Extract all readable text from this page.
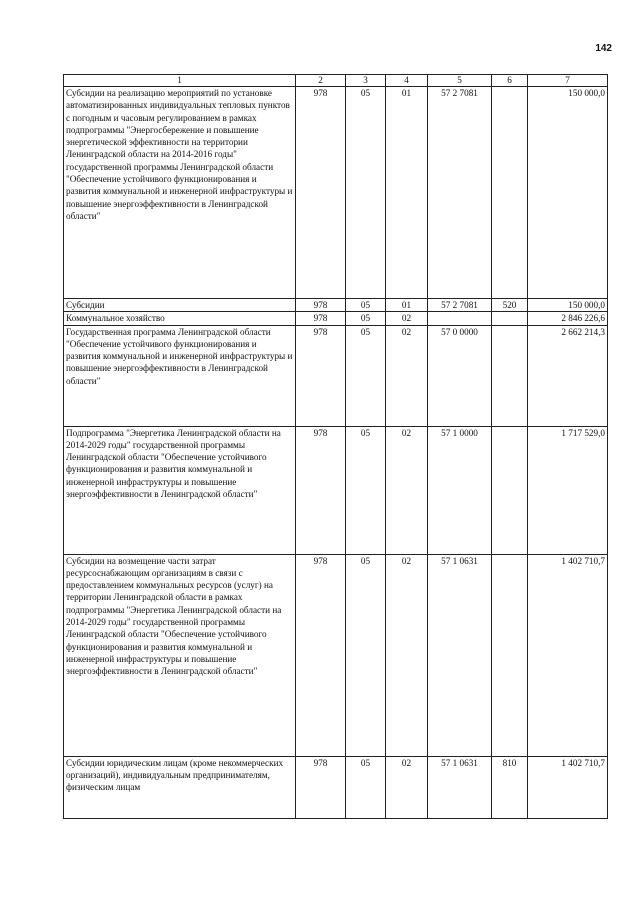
142
1	2	3	4	5	6	7
Субсидии на реализацию мероприятий по установке автоматизированных индивидуальных тепловых пунктов с погодным и часовым регулированием в рамках подпрограммы "Энергосбережение и повышение энергетической эффективности на территории Ленинградской области на 2014-2016 годы" государственной программы Ленинградской области "Обеспечение устойчивого функционирования и развития коммунальной и инженерной инфраструктуры и повышение энергоэффективности в Ленинградской области"	978	05	01	57 2 7081		150 000,0
Субсидии	978	05	01	57 2 7081	520	150 000,0
Коммунальное хозяйство	978	05	02			2 846 226,6
Государственная программа Ленинградской области "Обеспечение устойчивого функционирования и развития коммунальной и инженерной инфраструктуры и повышение энергоэффективности в Ленинградской области"	978	05	02	57 0 0000		2 662 214,3
Подпрограмма "Энергетика Ленинградской области на 2014-2029 годы" государственной программы Ленинградской области "Обеспечение устойчивого функционирования и развития коммунальной и инженерной инфраструктуры и повышение энергоэффективности в Ленинградской области"	978	05	02	57 1 0000		1 717 529,0
Субсидии на возмещение части затрат ресурсоснабжающим организациям в связи с предоставлением коммунальных ресурсов (услуг) на территории Ленинградской области в рамках подпрограммы "Энергетика Ленинградской области на 2014-2029 годы" государственной программы Ленинградской области "Обеспечение устойчивого функционирования и развития коммунальной и инженерной инфраструктуры и повышение энергоэффективности в Ленинградской области"	978	05	02	57 1 0631		1 402 710,7
Субсидии юридическим лицам (кроме некоммерческих организаций), индивидуальным предпринимателям, физическим лицам	978	05	02	57 1 0631	810	1 402 710,7
